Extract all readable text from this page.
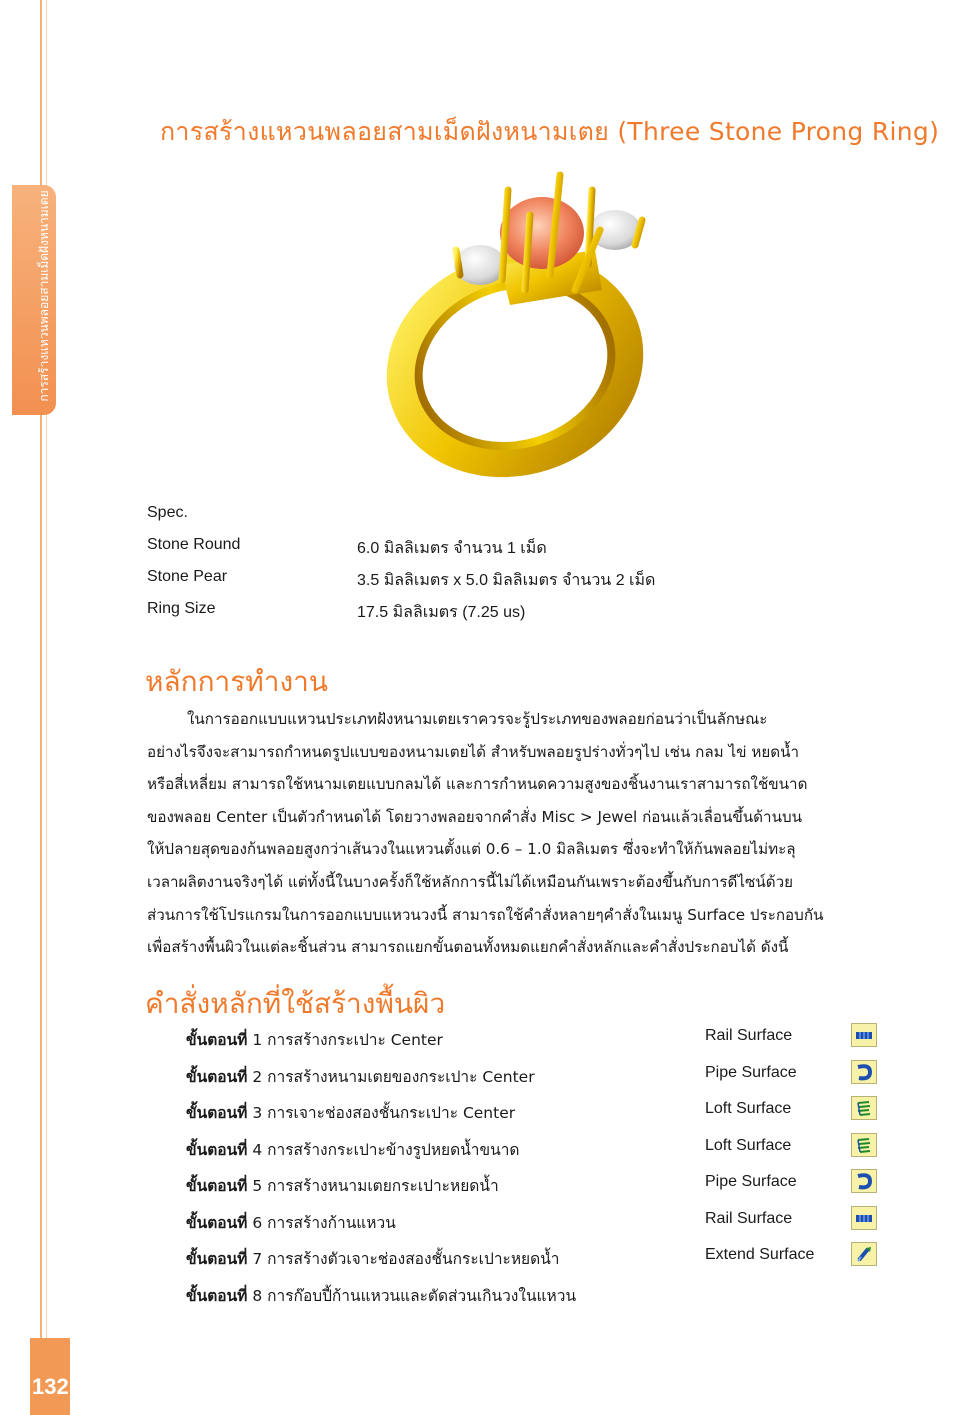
การสร้างแหวนพลอยสามเม็ดฝังหนามเตย
132
การสร้างแหวนพลอยสามเม็ดฝังหนามเตย (Three Stone Prong Ring)
Spec.
Stone Round	6.0 มิลลิเมตร จำนวน 1 เม็ด
Stone Pear	3.5 มิลลิเมตร x 5.0 มิลลิเมตร จำนวน 2 เม็ด
Ring Size	17.5 มิลลิเมตร (7.25 us)
หลักการทำงาน
ในการออกแบบแหวนประเภทฝังหนามเตยเราควรจะรู้ประเภทของพลอยก่อนว่าเป็นลักษณะ
อย่างไรจึงจะสามารถกำหนดรูปแบบของหนามเตยได้ สำหรับพลอยรูปร่างทั่วๆไป เช่น กลม ไข่ หยดน้ำ
หรือสี่เหลี่ยม สามารถใช้หนามเตยแบบกลมได้ และการกำหนดความสูงของชิ้นงานเราสามารถใช้ขนาด
ของพลอย Center เป็นตัวกำหนดได้ โดยวางพลอยจากคำสั่ง Misc > Jewel ก่อนแล้วเลื่อนขึ้นด้านบน
ให้ปลายสุดของก้นพลอยสูงกว่าเส้นวงในแหวนตั้งแต่ 0.6 – 1.0 มิลลิเมตร ซึ่งจะทำให้ก้นพลอยไม่ทะลุ
เวลาผลิตงานจริงๆได้ แต่ทั้งนี้ในบางครั้งก็ใช้หลักการนี้ไม่ได้เหมือนกันเพราะต้องขึ้นกับการดีไซน์ด้วย
ส่วนการใช้โปรแกรมในการออกแบบแหวนวงนี้ สามารถใช้คำสั่งหลายๆคำสั่งในเมนู Surface ประกอบกัน
เพื่อสร้างพื้นผิวในแต่ละชิ้นส่วน สามารถแยกขั้นตอนทั้งหมดแยกคำสั่งหลักและคำสั่งประกอบได้ ดังนี้
คำสั่งหลักที่ใช้สร้างพื้นผิว
ขั้นตอนที่ 1 การสร้างกระเปาะ Center	Rail Surface
ขั้นตอนที่ 2 การสร้างหนามเตยของกระเปาะ Center	Pipe Surface
ขั้นตอนที่ 3 การเจาะช่องสองชั้นกระเปาะ Center	Loft Surface
ขั้นตอนที่ 4 การสร้างกระเปาะข้างรูปหยดน้ำขนาด	Loft Surface
ขั้นตอนที่ 5 การสร้างหนามเตยกระเปาะหยดน้ำ	Pipe Surface
ขั้นตอนที่ 6 การสร้างก้านแหวน	Rail Surface
ขั้นตอนที่ 7 การสร้างตัวเจาะช่องสองชั้นกระเปาะหยดน้ำ	Extend Surface
ขั้นตอนที่ 8 การก๊อบปี้ก้านแหวนและตัดส่วนเกินวงในแหวน
